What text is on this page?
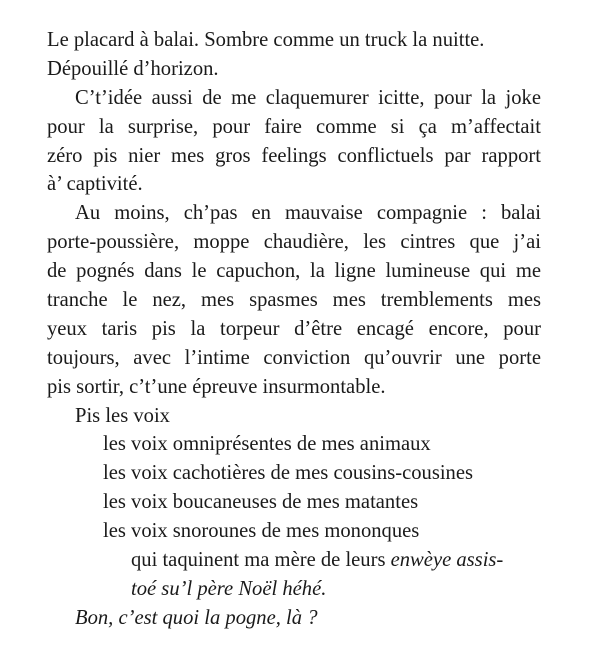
Le placard à balai. Sombre comme un truck la nuitte.
Dépouillé d’horizon.
C’t’idée aussi de me claquemurer icitte, pour la joke
pour la surprise, pour faire comme si ça m’affectait
zéro pis nier mes gros feelings conflictuels par rapport
à’ captivité.
Au moins, ch’pas en mauvaise compagnie : balai
porte-poussière, moppe chaudière, les cintres que j’ai
de pognés dans le capuchon, la ligne lumineuse qui me
tranche le nez, mes spasmes mes tremblements mes
yeux taris pis la torpeur d’être encagé encore, pour
toujours, avec l’intime conviction qu’ouvrir une porte
pis sortir, c’t’une épreuve insurmontable.
Pis les voix
les voix omniprésentes de mes animaux
les voix cachotières de mes cousins-cousines
les voix boucaneuses de mes matantes
les voix snorounes de mes mononques
qui taquinent ma mère de leurs enwèye assis-
toé su’l père Noël héhé.
Bon, c’est quoi la pogne, là ?
